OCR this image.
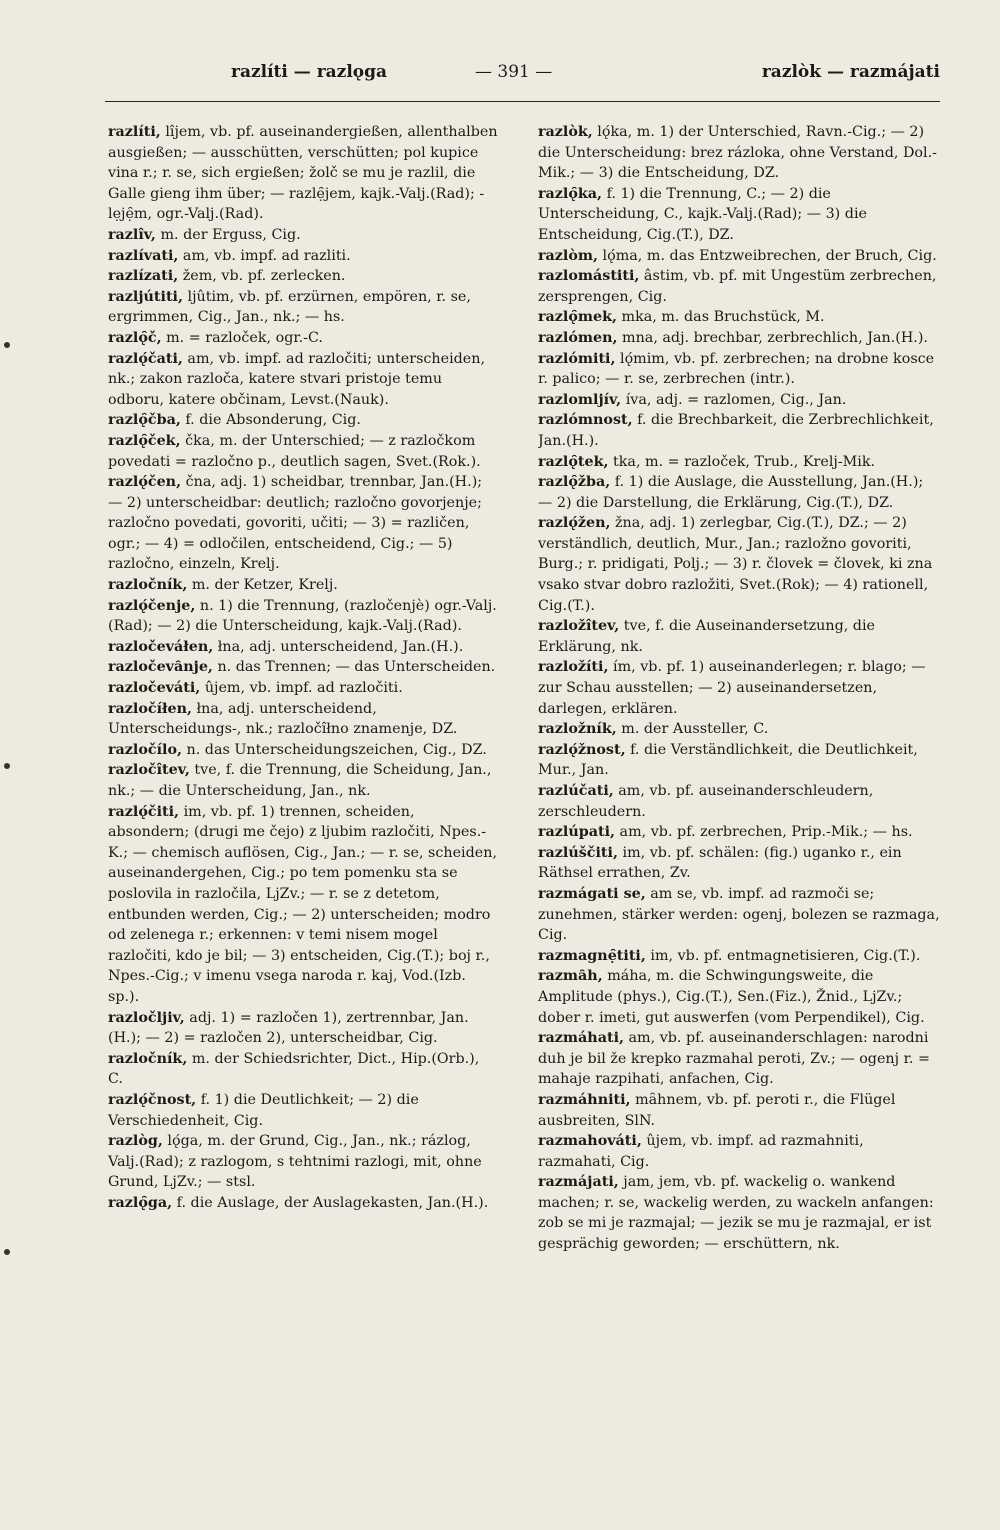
razlíti — razlǫga	— 391 —	razlòk — razmájati

razlíti, lîjem, vb. pf. auseinandergießen, allenthalben ausgießen; — ausschütten, verschütten; pol kupice vina r.; r. se, sich ergießen; žolč se mu je razlil, die Galle gieng ihm über; — razlẹ̑jem, kajk.-Valj.(Rad); -lẹjẹ̑m, ogr.-Valj.(Rad).

razlîv, m. der Erguss, Cig.

razlívati, am, vb. impf. ad razliti.

razlízati, žem, vb. pf. zerlecken.

razljútiti, ljûtim, vb. pf. erzürnen, empören, r. se, ergrimmen, Cig., Jan., nk.; — hs.

razlǫ̑č, m. = razloček, ogr.-C.

razlǫ́čati, am, vb. impf. ad razločiti; unterscheiden, nk.; zakon razloča, katere stvari pristoje temu odboru, katere občinam, Levst.(Nauk).

razlǫ̑čba, f. die Absonderung, Cig.

razlǫ̑ček, čka, m. der Unterschied; — z razločkom povedati = razločno p., deutlich sagen, Svet.(Rok.).

razlǫ́čen, čna, adj. 1) scheidbar, trennbar, Jan.(H.); — 2) unterscheidbar: deutlich; razločno govorjenje; razločno povedati, govoriti, učiti; — 3) = različen, ogr.; — 4) = odločilen, entscheidend, Cig.; — 5) razločno, einzeln, Krelj.

razločník, m. der Ketzer, Krelj.

razlǫ́čenje, n. 1) die Trennung, (razločenjè) ogr.-Valj.(Rad); — 2) die Unterscheidung, kajk.-Valj.(Rad).

razločeváłen, łna, adj. unterscheidend, Jan.(H.).

razločevȃnje, n. das Trennen; — das Unterscheiden.

razločeváti, ûjem, vb. impf. ad razločiti.

razločíłen, łna, adj. unterscheidend, Unterscheidungs-, nk.; razločîłno znamenje, DZ.

razločílo, n. das Unterscheidungszeichen, Cig., DZ.

razločîtev, tve, f. die Trennung, die Scheidung, Jan., nk.; — die Unterscheidung, Jan., nk.

razlǫ́čiti, im, vb. pf. 1) trennen, scheiden, absondern; (drugi me čejo) z ljubim razločiti, Npes.-K.; — chemisch auflösen, Cig., Jan.; — r. se, scheiden, auseinandergehen, Cig.; po tem pomenku sta se poslovila in razločila, LjZv.; — r. se z detetom, entbunden werden, Cig.; — 2) unterscheiden; modro od zelenega r.; erkennen: v temi nisem mogel razločiti, kdo je bil; — 3) entscheiden, Cig.(T.); boj r., Npes.-Cig.; v imenu vsega naroda r. kaj, Vod.(Izb. sp.).

razločljiv, adj. 1) = razločen 1), zertrennbar, Jan.(H.); — 2) = razločen 2), unterscheidbar, Cig.

razločník, m. der Schiedsrichter, Dict., Hip.(Orb.), C.

razlǫ́čnost, f. 1) die Deutlichkeit; — 2) die Verschiedenheit, Cig.

razlòg, lǫ́ga, m. der Grund, Cig., Jan., nk.; rázlog, Valj.(Rad); z razlogom, s tehtnimi razlogi, mit, ohne Grund, LjZv.; — stsl.

razlǫ̑ga, f. die Auslage, der Auslagekasten, Jan.(H.).

razlòk, lǫ́ka, m. 1) der Unterschied, Ravn.-Cig.; — 2) die Unterscheidung: brez rázloka, ohne Verstand, Dol.-Mik.; — 3) die Entscheidung, DZ.

razlǫ̑ka, f. 1) die Trennung, C.; — 2) die Unterscheidung, C., kajk.-Valj.(Rad); — 3) die Entscheidung, Cig.(T.), DZ.

razlòm, lǫ́ma, m. das Entzweibrechen, der Bruch, Cig.

razlomástiti, âstim, vb. pf. mit Ungestüm zerbrechen, zersprengen, Cig.

razlǫ̑mek, mka, m. das Bruchstück, M.

razlómen, mna, adj. brechbar, zerbrechlich, Jan.(H.).

razlómiti, lǫ́mim, vb. pf. zerbrechen; na drobne kosce r. palico; — r. se, zerbrechen (intr.).

razlomljív, íva, adj. = razlomen, Cig., Jan.

razlómnost, f. die Brechbarkeit, die Zerbrechlichkeit, Jan.(H.).

razlǫ̑tek, tka, m. = razloček, Trub., Krelj-Mik.

razlǫ̑žba, f. 1) die Auslage, die Ausstellung, Jan.(H.); — 2) die Darstellung, die Erklärung, Cig.(T.), DZ.

razlǫ́žen, žna, adj. 1) zerlegbar, Cig.(T.), DZ.; — 2) verständlich, deutlich, Mur., Jan.; razložno govoriti, Burg.; r. pridigati, Polj.; — 3) r. človek = človek, ki zna vsako stvar dobro razložiti, Svet.(Rok); — 4) rationell, Cig.(T.).

razložîtev, tve, f. die Auseinandersetzung, die Erklärung, nk.

razložíti, ím, vb. pf. 1) auseinanderlegen; r. blago; — zur Schau ausstellen; — 2) auseinandersetzen, darlegen, erklären.

razložník, m. der Aussteller, C.

razlǫ́žnost, f. die Verständlichkeit, die Deutlichkeit, Mur., Jan.

razlúčati, am, vb. pf. auseinanderschleudern, zerschleudern.

razlúpati, am, vb. pf. zerbrechen, Prip.-Mik.; — hs.

razlúščiti, im, vb. pf. schälen: (fig.) uganko r., ein Räthsel errathen, Zv.

razmágati se, am se, vb. impf. ad razmoči se; zunehmen, stärker werden: ogenj, bolezen se razmaga, Cig.

razmagnẹ̑titi, im, vb. pf. entmagnetisieren, Cig.(T.).

razmȃh, máha, m. die Schwingungsweite, die Amplitude (phys.), Cig.(T.), Sen.(Fiz.), Žnid., LjZv.; dober r. imeti, gut auswerfen (vom Perpendikel), Cig.

razmáhati, am, vb. pf. auseinanderschlagen: narodni duh je bil že krepko razmahal peroti, Zv.; — ogenj r. = mahaje razpihati, anfachen, Cig.

razmáhniti, mȃhnem, vb. pf. peroti r., die Flügel ausbreiten, SlN.

razmahováti, ûjem, vb. impf. ad razmahniti, razmahati, Cig.

razmájati, jam, jem, vb. pf. wackelig o. wankend machen; r. se, wackelig werden, zu wackeln anfangen: zob se mi je razmajal; — jezik se mu je razmajal, er ist gesprächig geworden; — erschüttern, nk.
